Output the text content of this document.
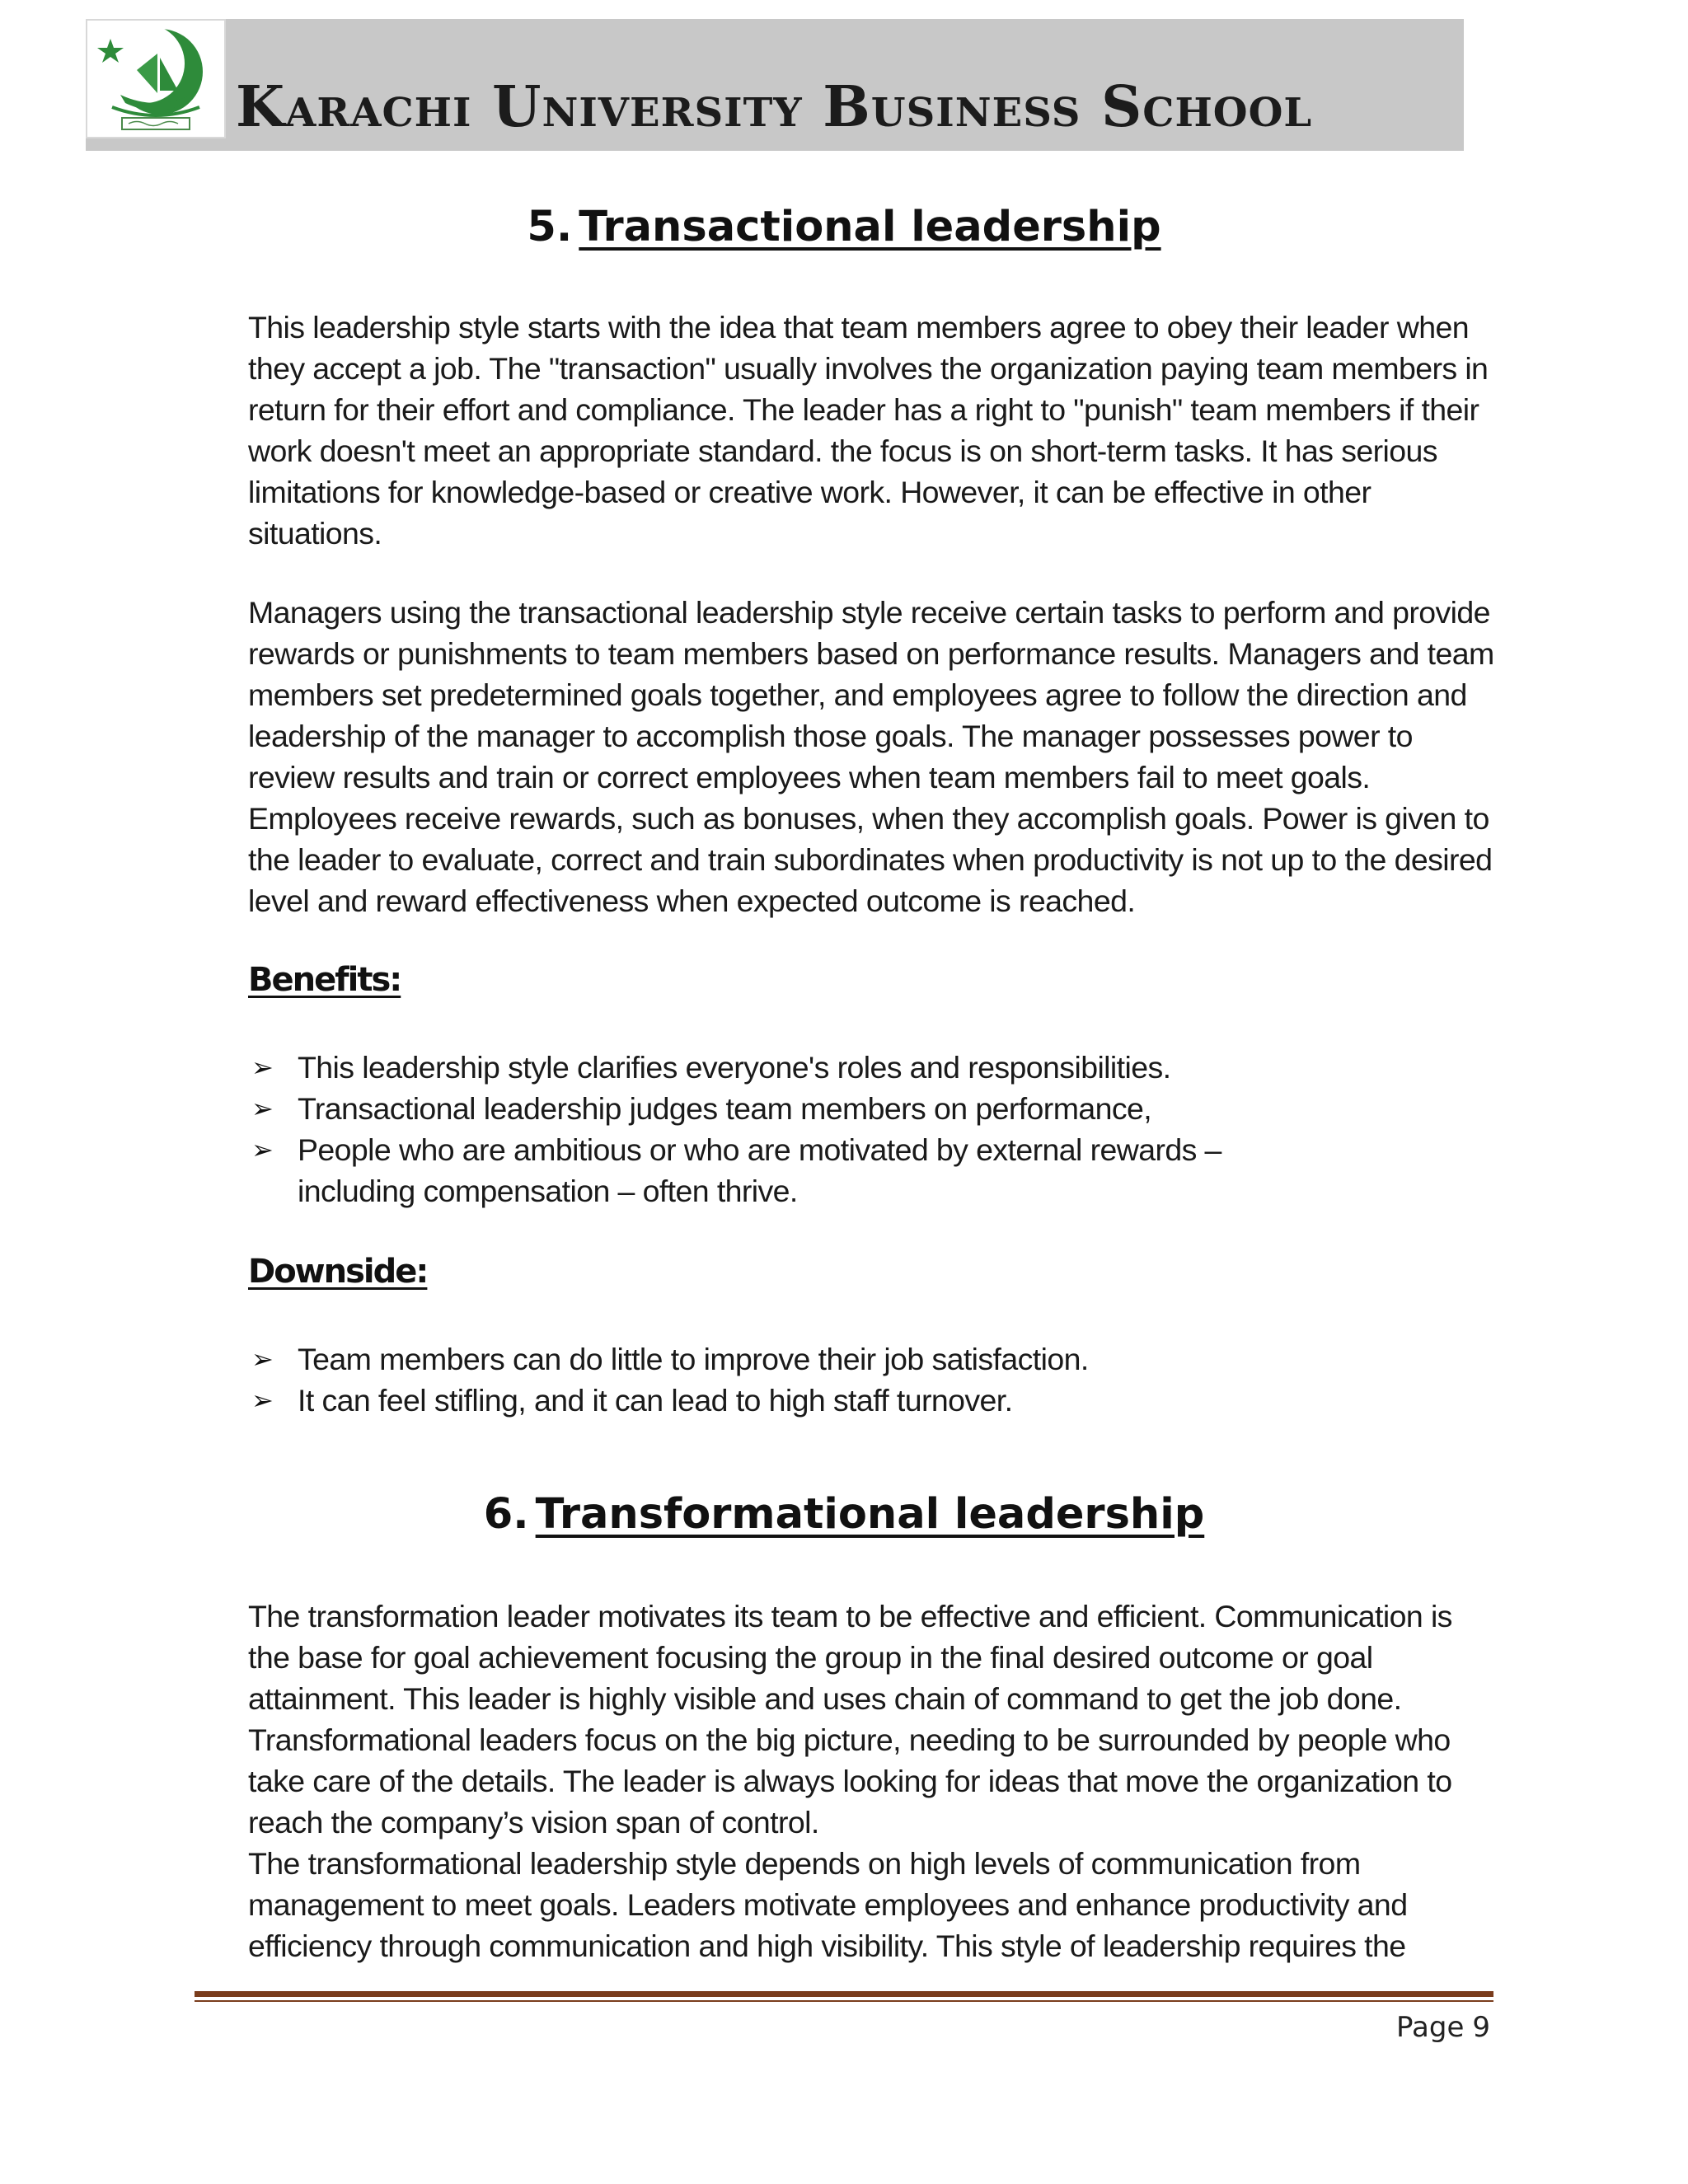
Karachi University Business School
5. Transactional leadership
This leadership style starts with the idea that team members agree to obey their leader when they accept a job. The "transaction" usually involves the organization paying team members in return for their effort and compliance. The leader has a right to "punish" team members if their work doesn't meet an appropriate standard. the focus is on short-term tasks. It has serious limitations for knowledge-based or creative work. However, it can be effective in other situations.
Managers using the transactional leadership style receive certain tasks to perform and provide rewards or punishments to team members based on performance results. Managers and team members set predetermined goals together, and employees agree to follow the direction and leadership of the manager to accomplish those goals. The manager possesses power to review results and train or correct employees when team members fail to meet goals. Employees receive rewards, such as bonuses, when they accomplish goals. Power is given to the leader to evaluate, correct and train subordinates when productivity is not up to the desired level and reward effectiveness when expected outcome is reached.
Benefits:
➢ This leadership style clarifies everyone's roles and responsibilities.
➢ Transactional leadership judges team members on performance,
➢ People who are ambitious or who are motivated by external rewards – including compensation – often thrive.
Downside:
➢ Team members can do little to improve their job satisfaction.
➢ It can feel stifling, and it can lead to high staff turnover.
6. Transformational leadership
The transformation leader motivates its team to be effective and efficient. Communication is the base for goal achievement focusing the group in the final desired outcome or goal attainment. This leader is highly visible and uses chain of command to get the job done. Transformational leaders focus on the big picture, needing to be surrounded by people who take care of the details. The leader is always looking for ideas that move the organization to reach the company’s vision span of control.
The transformational leadership style depends on high levels of communication from management to meet goals. Leaders motivate employees and enhance productivity and efficiency through communication and high visibility. This style of leadership requires the
Page 9
